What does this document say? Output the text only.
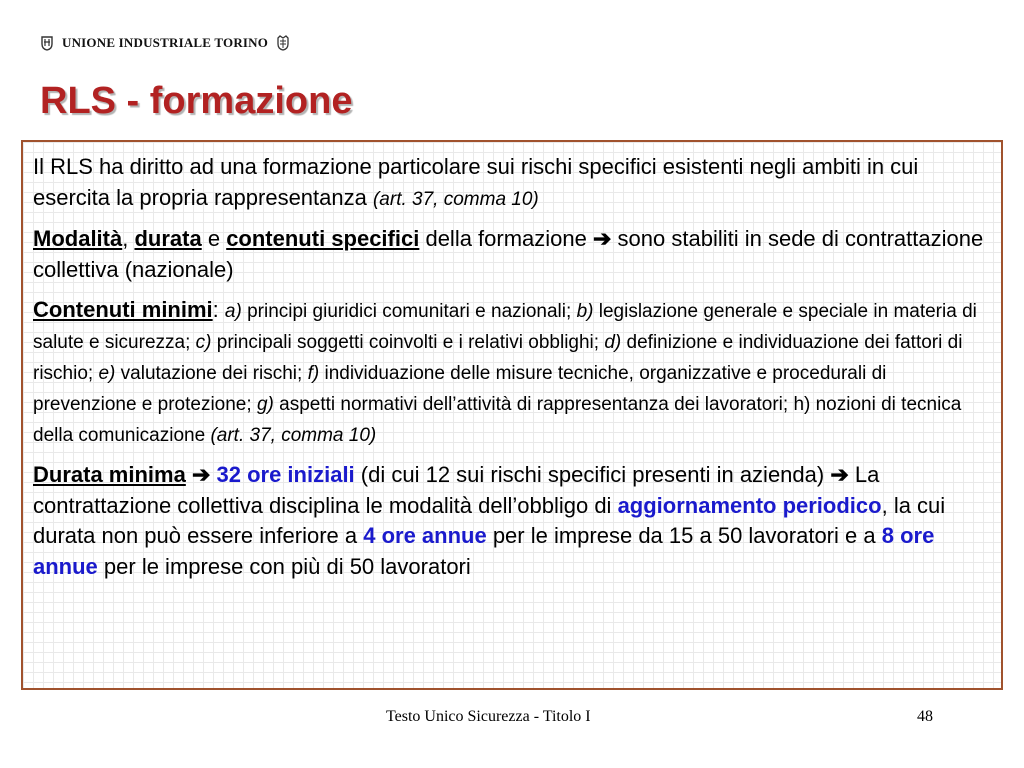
UNIONE INDUSTRIALE TORINO
RLS - formazione

Il RLS ha diritto ad una formazione particolare sui rischi specifici esistenti negli ambiti in cui esercita la propria rappresentanza (art. 37, comma 10)

Modalità, durata e contenuti specifici della formazione ➔ sono stabiliti in sede di contrattazione collettiva (nazionale)

Contenuti minimi: a) principi giuridici comunitari e nazionali; b) legislazione generale e speciale in materia di salute e sicurezza; c) principali soggetti coinvolti e i relativi obblighi; d) definizione e individuazione dei fattori di rischio; e) valutazione dei rischi; f) individuazione delle misure tecniche, organizzative e procedurali di prevenzione e protezione; g) aspetti normativi dell’attività di rappresentanza dei lavoratori; h) nozioni di tecnica della comunicazione (art. 37, comma 10)

Durata minima ➔ 32 ore iniziali (di cui 12 sui rischi specifici presenti in azienda) ➔ La contrattazione collettiva disciplina le modalità dell’obbligo di aggiornamento periodico, la cui durata non può essere inferiore a 4 ore annue per le imprese da 15 a 50 lavoratori e a 8 ore annue per le imprese con più di 50 lavoratori

Testo Unico Sicurezza - Titolo I	48
